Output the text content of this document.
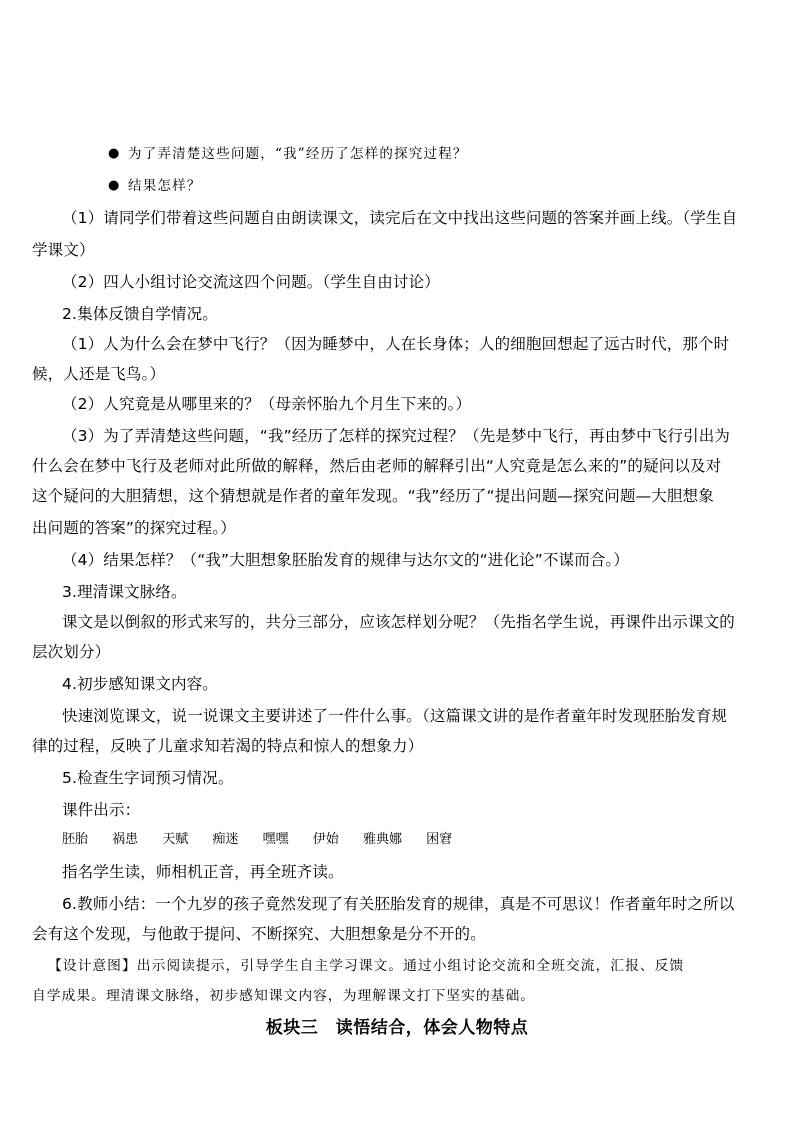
● 为了弄清楚这些问题，“我”经历了怎样的探究过程？
● 结果怎样？
（1）请同学们带着这些问题自由朗读课文，读完后在文中找出这些问题的答案并画上线。（学生自
学课文）
（2）四人小组讨论交流这四个问题。（学生自由讨论）
2.集体反馈自学情况。
（1）人为什么会在梦中飞行？（因为睡梦中，人在长身体；人的细胞回想起了远古时代，那个时
候，人还是飞鸟。）
（2）人究竟是从哪里来的？（母亲怀胎九个月生下来的。）
（3）为了弄清楚这些问题，“我”经历了怎样的探究过程？（先是梦中飞行，再由梦中飞行引出为
什么会在梦中飞行及老师对此所做的解释，然后由老师的解释引出“人究竟是怎么来的”的疑问以及对
这个疑问的大胆猜想，这个猜想就是作者的童年发现。“我”经历了“提出问题—探究问题—大胆想象
出问题的答案”的探究过程。）
（4）结果怎样？（“我”大胆想象胚胎发育的规律与达尔文的“进化论”不谋而合。）
3.理清课文脉络。
课文是以倒叙的形式来写的，共分三部分，应该怎样划分呢？（先指名学生说，再课件出示课文的
层次划分）
4.初步感知课文内容。
快速浏览课文，说一说课文主要讲述了一件什么事。（这篇课文讲的是作者童年时发现胚胎发育规
律的过程，反映了儿童求知若渴的特点和惊人的想象力）
5.检查生字词预习情况。
课件出示：
胚胎 祸患 天赋 痴迷 嘿嘿 伊始 雅典娜 困窘
指名学生读，师相机正音，再全班齐读。
6.教师小结：一个九岁的孩子竟然发现了有关胚胎发育的规律，真是不可思议！作者童年时之所以
会有这个发现，与他敢于提问、不断探究、大胆想象是分不开的。
【设计意图】出示阅读提示，引导学生自主学习课文。通过小组讨论交流和全班交流，汇报、反馈
自学成果。理清课文脉络，初步感知课文内容，为理解课文打下坚实的基础。
板块三　读悟结合，体会人物特点
